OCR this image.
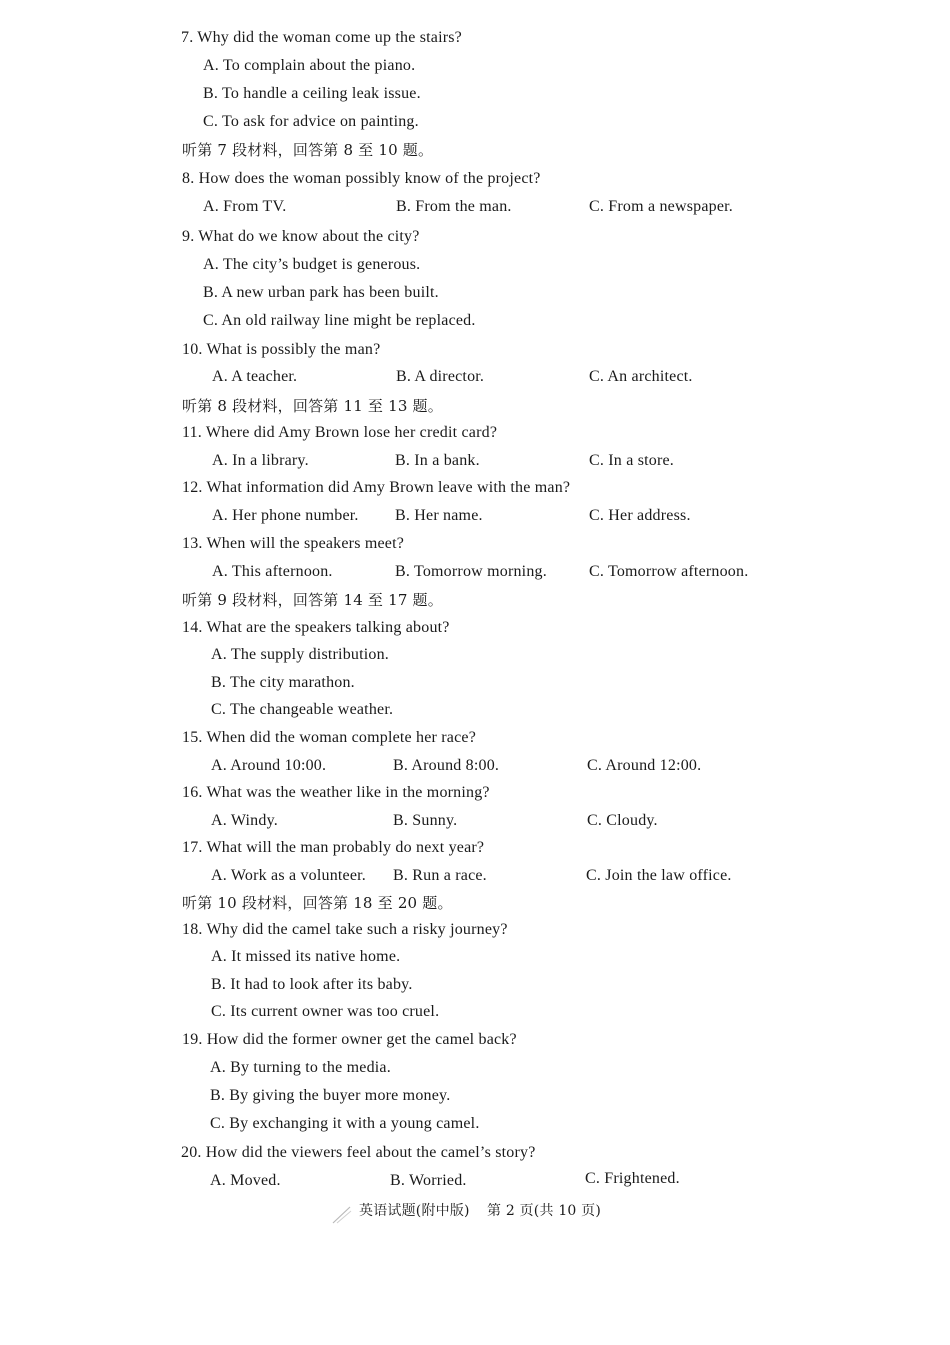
7. Why did the woman come up the stairs?
A. To complain about the piano.
B. To handle a ceiling leak issue.
C. To ask for advice on painting.
听第 7 段材料，回答第 8 至 10 题。
8. How does the woman possibly know of the project?
A. From TV.	B. From the man.	C. From a newspaper.
9. What do we know about the city?
A. The city’s budget is generous.
B. A new urban park has been built.
C. An old railway line might be replaced.
10. What is possibly the man?
A. A teacher.	B. A director.	C. An architect.
听第 8 段材料，回答第 11 至 13 题。
11. Where did Amy Brown lose her credit card?
A. In a library.	B. In a bank.	C. In a store.
12. What information did Amy Brown leave with the man?
A. Her phone number. B. Her name.	C. Her address.
13. When will the speakers meet?
A. This afternoon.	B. Tomorrow morning.	C. Tomorrow afternoon.
听第 9 段材料，回答第 14 至 17 题。
14. What are the speakers talking about?
A. The supply distribution.
B. The city marathon.
C. The changeable weather.
15. When did the woman complete her race?
A. Around 10:00.	B. Around 8:00.	C. Around 12:00.
16. What was the weather like in the morning?
A. Windy.	B. Sunny.	C. Cloudy.
17. What will the man probably do next year?
A. Work as a volunteer. B. Run a race.	C. Join the law office.
听第 10 段材料，回答第 18 至 20 题。
18. Why did the camel take such a risky journey?
A. It missed its native home.
B. It had to look after its baby.
C. Its current owner was too cruel.
19. How did the former owner get the camel back?
A. By turning to the media.
B. By giving the buyer more money.
C. By exchanging it with a young camel.
20. How did the viewers feel about the camel’s story?
A. Moved.	B. Worried.	C. Frightened.
英语试题(附中版) 第 2 页(共 10 页)
